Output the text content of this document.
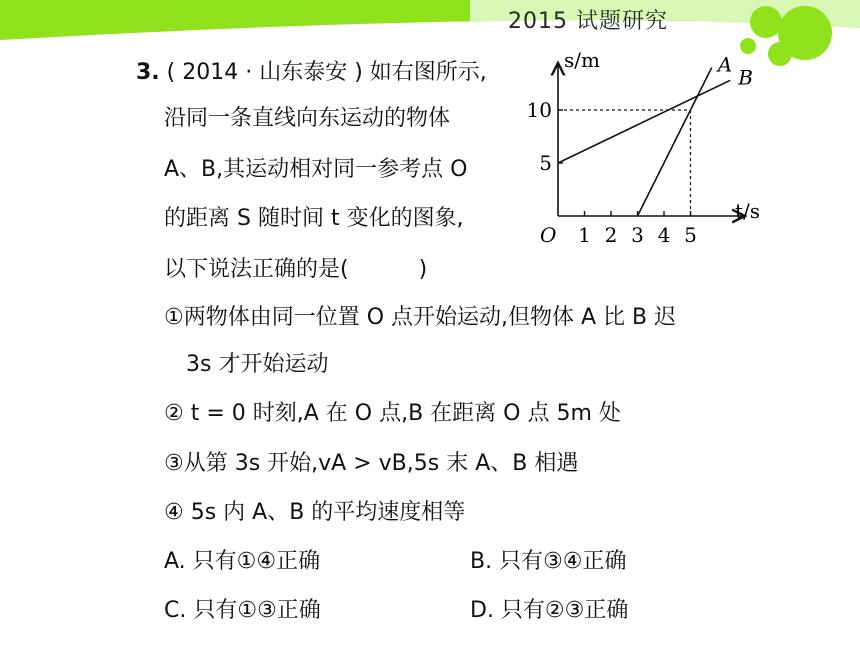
2015 试题研究
3. ( 2014 · 山东泰安 ) 如右图所示,
沿同一条直线向东运动的物体
A、B,其运动相对同一参考点 O
的距离 S 随时间 t 变化的图象,
以下说法正确的是(	)
①两物体由同一位置 O 点开始运动,但物体 A 比 B 迟
3s 才开始运动
② t = 0 时刻,A 在 O 点,B 在距离 O 点 5m 处
③从第 3s 开始,vA > vB,5s 末 A、B 相遇
④ 5s 内 A、B 的平均速度相等
A. 只有①④正确	B. 只有③④正确
C. 只有①③正确	D. 只有②③正确
t/s
s/m
O 1 2 3 4 5
5
10
A
B
